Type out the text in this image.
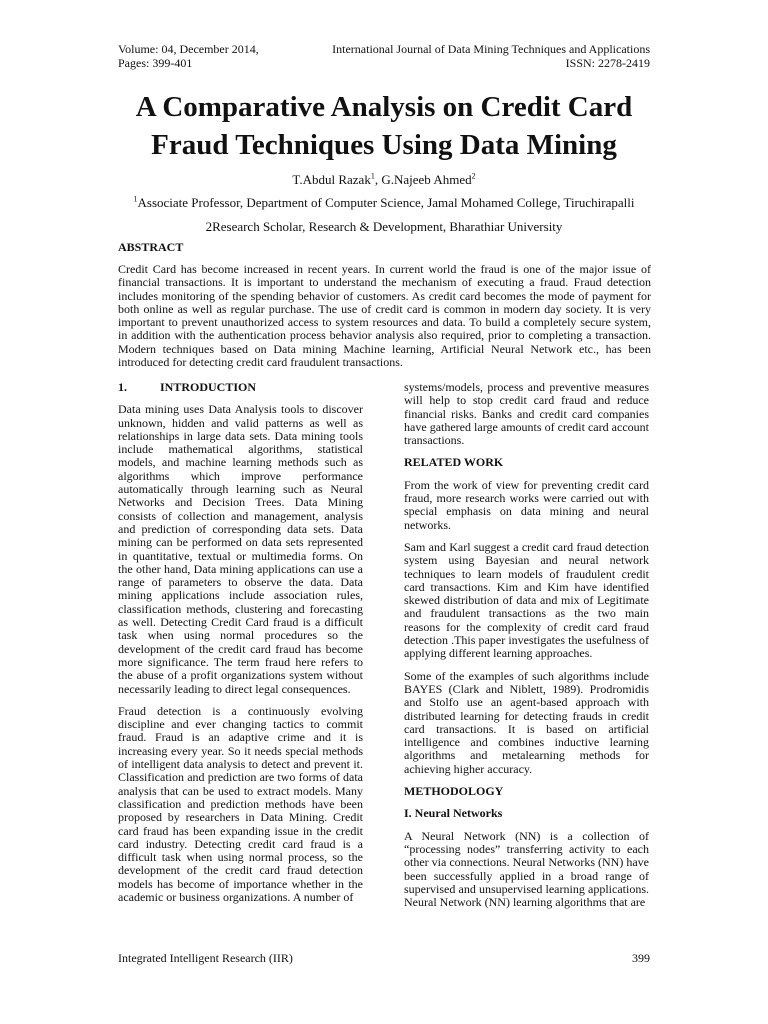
Volume: 04, December 2014,
Pages: 399-401
International Journal of Data Mining Techniques and Applications
ISSN: 2278-2419
A Comparative Analysis on Credit Card
Fraud Techniques Using Data Mining
T.Abdul Razak$^1$, G.Najeeb Ahmed$^2$
$^1$Associate Professor, Department of Computer Science, Jamal Mohamed College, Tiruchirapalli
2Research Scholar, Research & Development, Bharathiar University
ABSTRACT

Credit Card has become increased in recent years. In current world the fraud is one of the major issue of financial transactions. It is important to understand the mechanism of executing a fraud. Fraud detection includes monitoring of the spending behavior of customers. As credit card becomes the mode of payment for both online as well as regular purchase. The use of credit card is common in modern day society. It is very important to prevent unauthorized access to system resources and data. To build a completely secure system, in addition with the authentication process behavior analysis also required, prior to completing a transaction. Modern techniques based on Data mining Machine learning, Artificial Neural Network etc., has been introduced for detecting credit card fraudulent transactions.

1.	INTRODUCTION

Data mining uses Data Analysis tools to discover unknown, hidden and valid patterns as well as relationships in large data sets. Data mining tools include mathematical algorithms, statistical models, and machine learning methods such as algorithms which improve performance automatically through learning such as Neural Networks and Decision Trees. Data Mining consists of collection and management, analysis and prediction of corresponding data sets. Data mining can be performed on data sets represented in quantitative, textual or multimedia forms. On the other hand, Data mining applications can use a range of parameters to observe the data. Data mining applications include association rules, classification methods, clustering and forecasting as well. Detecting Credit Card fraud is a difficult task when using normal procedures so the development of the credit card fraud has become more significance. The term fraud here refers to the abuse of a profit organizations system without necessarily leading to direct legal consequences.

Fraud detection is a continuously evolving discipline and ever changing tactics to commit fraud. Fraud is an adaptive crime and it is increasing every year. So it needs special methods of intelligent data analysis to detect and prevent it. Classification and prediction are two forms of data analysis that can be used to extract models. Many classification and prediction methods have been proposed by researchers in Data Mining. Credit card fraud has been expanding issue in the credit card industry. Detecting credit card fraud is a difficult task when using normal process, so the development of the credit card fraud detection models has become of importance whether in the academic or business organizations. A number of

systems/models, process and preventive measures will help to stop credit card fraud and reduce financial risks. Banks and credit card companies have gathered large amounts of credit card account transactions.

RELATED WORK

From the work of view for preventing credit card fraud, more research works were carried out with special emphasis on data mining and neural networks.

Sam and Karl suggest a credit card fraud detection system using Bayesian and neural network techniques to learn models of fraudulent credit card transactions. Kim and Kim have identified skewed distribution of data and mix of Legitimate and fraudulent transactions as the two main reasons for the complexity of credit card fraud detection .This paper investigates the usefulness of applying different learning approaches.

Some of the examples of such algorithms include BAYES (Clark and Niblett, 1989). Prodromidis and Stolfo use an agent-based approach with distributed learning for detecting frauds in credit card transactions. It is based on artificial intelligence and combines inductive learning algorithms and metalearning methods for achieving higher accuracy.

METHODOLOGY
I. Neural Networks

A Neural Network (NN) is a collection of “processing nodes” transferring activity to each other via connections. Neural Networks (NN) have been successfully applied in a broad range of supervised and unsupervised learning applications. Neural Network (NN) learning algorithms that are

Integrated Intelligent Research (IIR)	399
